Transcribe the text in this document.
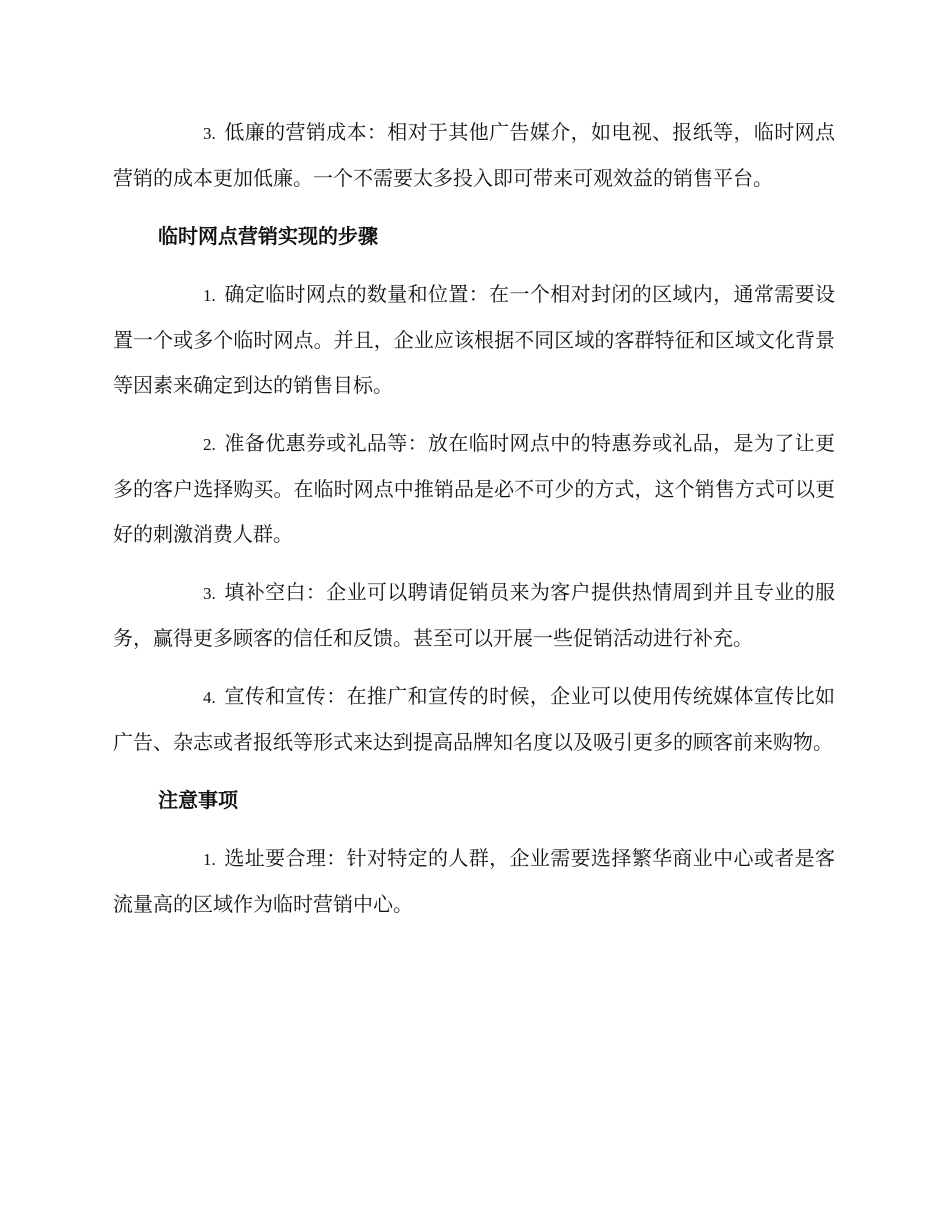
3. 低廉的营销成本：相对于其他广告媒介，如电视、报纸等，临时网点营销的成本更加低廉。一个不需要太多投入即可带来可观效益的销售平台。

临时网点营销实现的步骤

1. 确定临时网点的数量和位置：在一个相对封闭的区域内，通常需要设置一个或多个临时网点。并且，企业应该根据不同区域的客群特征和区域文化背景等因素来确定到达的销售目标。

2. 准备优惠券或礼品等：放在临时网点中的特惠券或礼品，是为了让更多的客户选择购买。在临时网点中推销品是必不可少的方式，这个销售方式可以更好的刺激消费人群。

3. 填补空白：企业可以聘请促销员来为客户提供热情周到并且专业的服务，赢得更多顾客的信任和反馈。甚至可以开展一些促销活动进行补充。

4. 宣传和宣传：在推广和宣传的时候，企业可以使用传统媒体宣传比如广告、杂志或者报纸等形式来达到提高品牌知名度以及吸引更多的顾客前来购物。

注意事项

1. 选址要合理：针对特定的人群，企业需要选择繁华商业中心或者是客流量高的区域作为临时营销中心。
